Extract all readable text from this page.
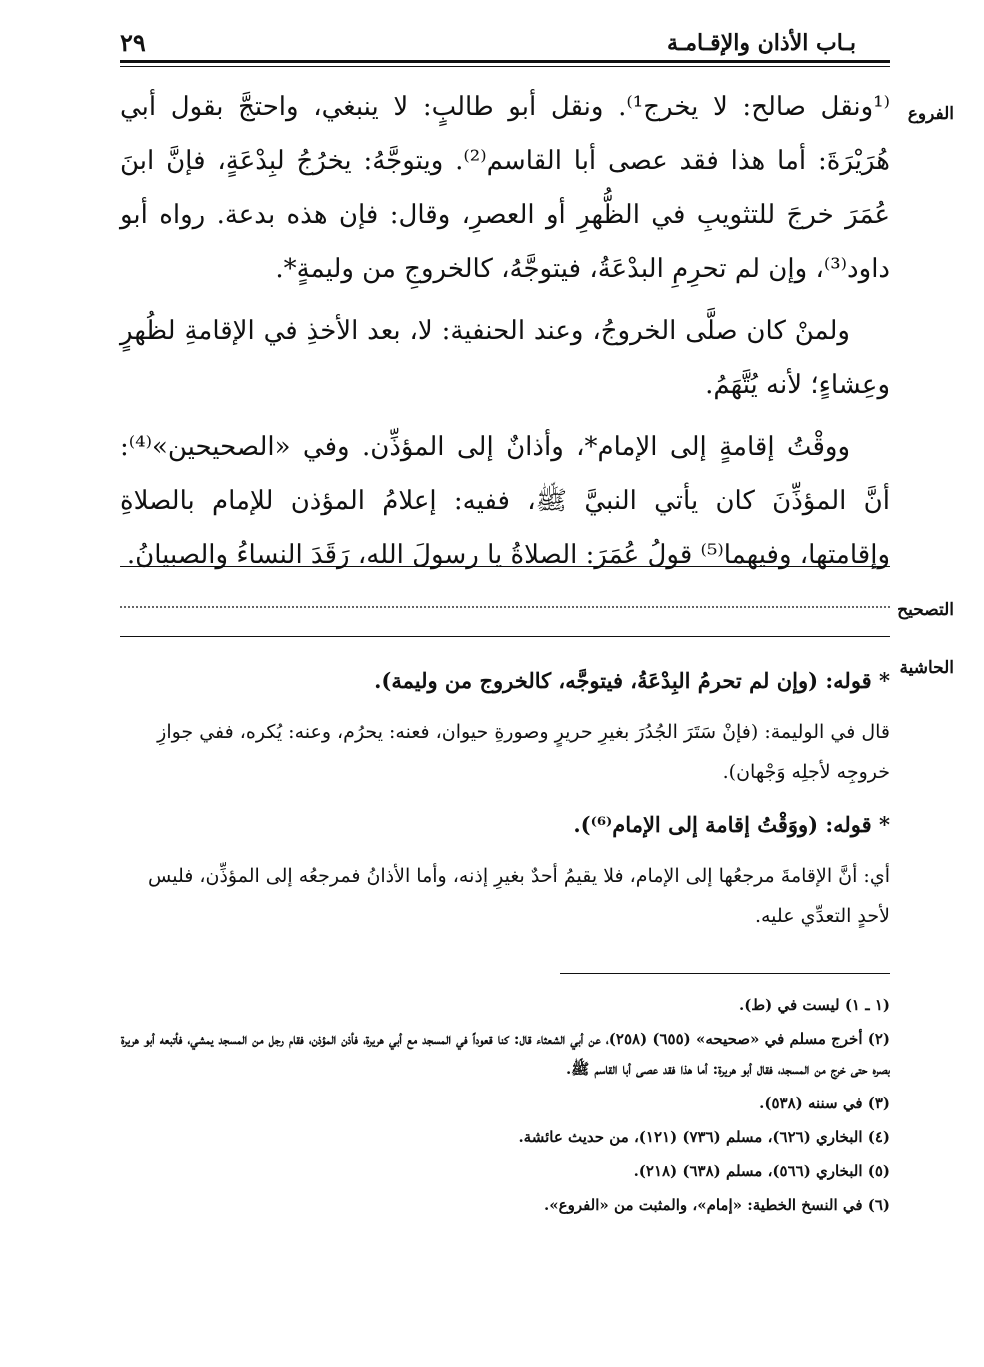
بـاب الأذان والإقـامـة
٢٩
الفروع
التصحيح
الحاشية

⁽¹ونقل صالح: لا يخرج¹⁾. ونقل أبو طالبٍ: لا ينبغي، واحتجَّ بقول أبي هُرَيْرَةَ: أما هذا فقد عصى أبا القاسم⁽²⁾. ويتوجَّهُ: يخرُجُ لبِدْعَةٍ، فإنَّ ابنَ عُمَرَ خرجَ للتثويبِ في الظُّهرِ أو العصرِ، وقال: فإن هذه بدعة. رواه أبو داود⁽³⁾، وإن لم تحرِمِ البدْعَةُ، فيتوجَّهُ، كالخروجِ من وليمةٍ*.

ولمنْ كان صلَّى الخروجُ، وعند الحنفية: لا، بعد الأخذِ في الإقامةِ لظُهرٍ وعِشاءٍ؛ لأنه يُتَّهَمُ.

ووقْتُ إقامةٍ إلى الإمام*، وأذانٌ إلى المؤذِّن. وفي «الصحيحين»⁽⁴⁾: أنَّ المؤذِّنَ كان يأتي النبيَّ ﷺ، ففيه: إعلامُ المؤذن للإمام بالصلاةِ وإقامتها، وفيهما⁽⁵⁾ قولُ عُمَرَ: الصلاةُ يا رسولَ الله، رَقَدَ النساءُ والصبيانُ.

* قوله: (وإن لم تحرمُ البِدْعَةُ، فيتوجَّه، كالخروج من وليمة).

قال في الوليمة: (فإنْ سَتَرَ الجُدُرَ بغيرِ حريرٍ وصورةِ حيوان، فعنه: يحرُم، وعنه: يُكره، ففي جوازِ خروجِه لأجلِه وَجْهان).

* قوله: (ووَقْتُ إقامة إلى الإمام⁽⁶⁾).

أي: أنَّ الإقامةَ مرجعُها إلى الإمام، فلا يقيمُ أحدٌ بغيرِ إذنه، وأما الأذانُ فمرجعُه إلى المؤذِّن، فليس لأحدٍ التعدِّي عليه.

(١ ـ ١) ليست في (ط).

(٢) أخرج مسلم في «صحيحه» (٦٥٥) (٢٥٨)، عن أبي الشعثاء قال: كنا قعوداً في المسجد مع أبي هريرة، فأذن المؤذن، فقام رجل من المسجد يمشي، فأتبعه أبو هريرة بصره حتى خرج من المسجد، فقال أبو هريرة: أما هذا فقد عصى أبا القاسم ﷺ.

(٣) في سننه (٥٣٨).

(٤) البخاري (٦٢٦)، مسلم (٧٣٦) (١٢١)، من حديث عائشة.

(٥) البخاري (٥٦٦)، مسلم (٦٣٨) (٢١٨).

(٦) في النسخ الخطية: «إمام»، والمثبت من «الفروع».
